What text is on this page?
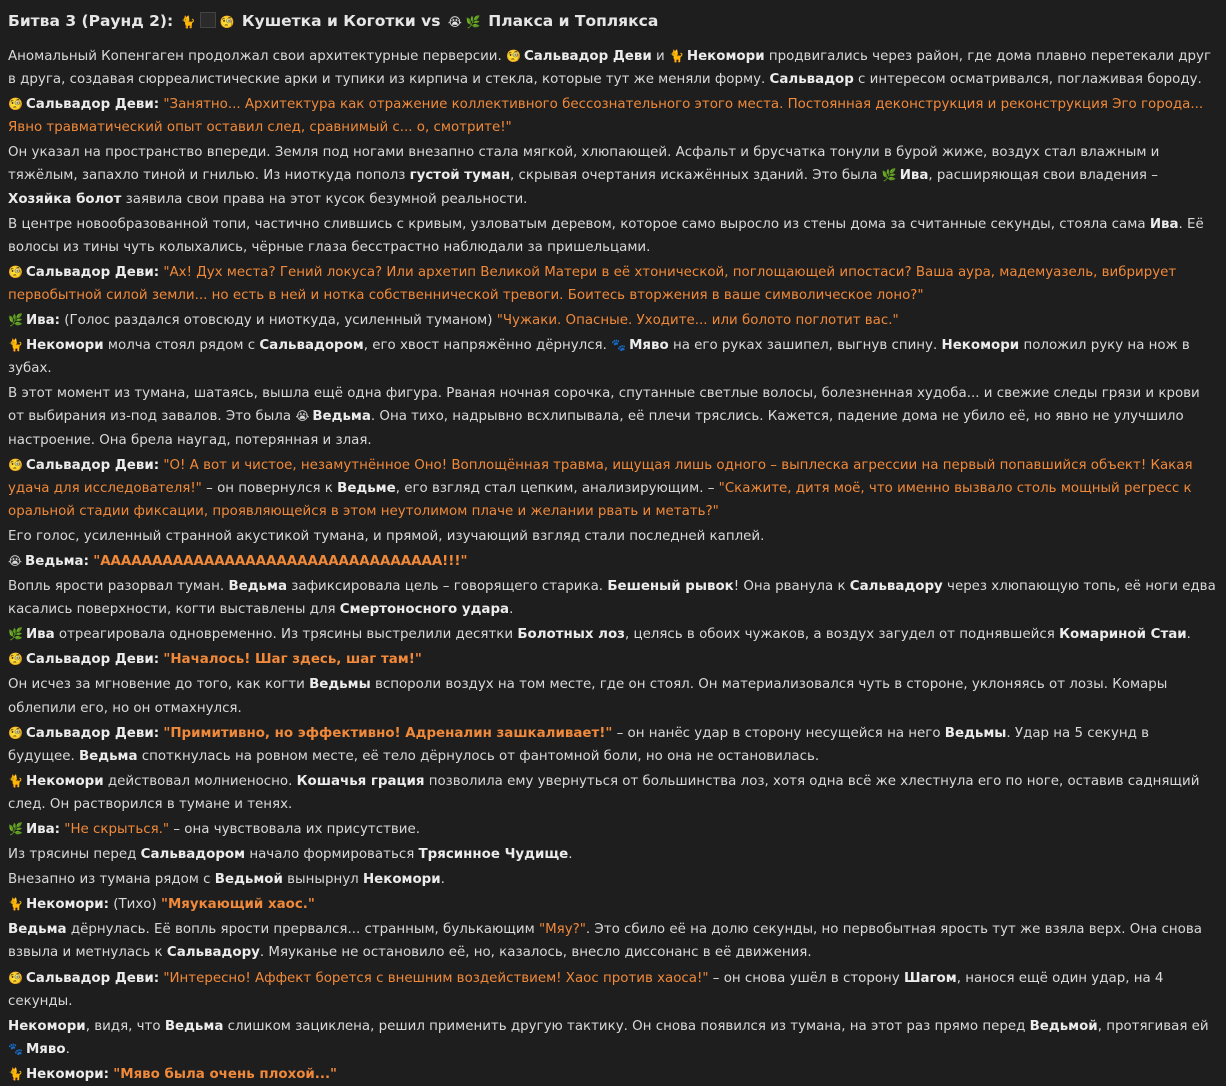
Битва 3 (Раунд 2): 🐈 🧐 Кушетка и Коготки vs 😭 🌿 Плакса и Топлякса
Аномальный Копенгаген продолжал свои архитектурные перверсии. 🧐 Сальвадор Деви и 🐈 Некомори продвигались через район, где дома плавно перетекали друг в друга, создавая сюрреалистические арки и тупики из кирпича и стекла, которые тут же меняли форму. Сальвадор с интересом осматривался, поглаживая бороду.
🧐 Сальвадор Деви: "Занятно... Архитектура как отражение коллективного бессознательного этого места. Постоянная деконструкция и реконструкция Эго города... Явно травматический опыт оставил след, сравнимый с... о, смотрите!"
Он указал на пространство впереди. Земля под ногами внезапно стала мягкой, хлюпающей. Асфальт и брусчатка тонули в бурой жиже, воздух стал влажным и тяжёлым, запахло тиной и гнилью. Из ниоткуда пополз густой туман, скрывая очертания искажённых зданий. Это была 🌿 Ива, расширяющая свои владения – Хозяйка болот заявила свои права на этот кусок безумной реальности.
В центре новообразованной топи, частично слившись с кривым, узловатым деревом, которое само выросло из стены дома за считанные секунды, стояла сама Ива. Её волосы из тины чуть колыхались, чёрные глаза бесстрастно наблюдали за пришельцами.
🧐 Сальвадор Деви: "Ах! Дух места? Гений локуса? Или архетип Великой Матери в её хтонической, поглощающей ипостаси? Ваша аура, мадемуазель, вибрирует первобытной силой земли... но есть в ней и нотка собственнической тревоги. Боитесь вторжения в ваше символическое лоно?"
🌿 Ива: (Голос раздался отовсюду и ниоткуда, усиленный туманом) "Чужаки. Опасные. Уходите... или болото поглотит вас."
🐈 Некомори молча стоял рядом с Сальвадором, его хвост напряжённо дёрнулся. 🐾 Мяво на его руках зашипел, выгнув спину. Некомори положил руку на нож в зубах.
В этот момент из тумана, шатаясь, вышла ещё одна фигура. Рваная ночная сорочка, спутанные светлые волосы, болезненная худоба... и свежие следы грязи и крови от выбирания из-под завалов. Это была 😭 Ведьма. Она тихо, надрывно всхлипывала, её плечи тряслись. Кажется, падение дома не убило её, но явно не улучшило настроение. Она брела наугад, потерянная и злая.
🧐 Сальвадор Деви: "О! А вот и чистое, незамутнённое Оно! Воплощённая травма, ищущая лишь одного – выплеска агрессии на первый попавшийся объект! Какая удача для исследователя!" – он повернулся к Ведьме, его взгляд стал цепким, анализирующим. – "Скажите, дитя моё, что именно вызвало столь мощный регресс к оральной стадии фиксации, проявляющейся в этом неутолимом плаче и желании рвать и метать?"
Его голос, усиленный странной акустикой тумана, и прямой, изучающий взгляд стали последней каплей.
😭 Ведьма: "ААААААААААААААААААААААААААААААААА!!!"
Вопль ярости разорвал туман. Ведьма зафиксировала цель – говорящего старика. Бешеный рывок! Она рванула к Сальвадору через хлюпающую топь, её ноги едва касались поверхности, когти выставлены для Смертоносного удара.
🌿 Ива отреагировала одновременно. Из трясины выстрелили десятки Болотных лоз, целясь в обоих чужаков, а воздух загудел от поднявшейся Комариной Стаи.
🧐 Сальвадор Деви: "Началось! Шаг здесь, шаг там!"
Он исчез за мгновение до того, как когти Ведьмы вспороли воздух на том месте, где он стоял. Он материализовался чуть в стороне, уклоняясь от лозы. Комары облепили его, но он отмахнулся.
🧐 Сальвадор Деви: "Примитивно, но эффективно! Адреналин зашкаливает!" – он нанёс удар в сторону несущейся на него Ведьмы. Удар на 5 секунд в будущее. Ведьма споткнулась на ровном месте, её тело дёрнулось от фантомной боли, но она не остановилась.
🐈 Некомори действовал молниеносно. Кошачья грация позволила ему увернуться от большинства лоз, хотя одна всё же хлестнула его по ноге, оставив саднящий след. Он растворился в тумане и тенях.
🌿 Ива: "Не скрыться." – она чувствовала их присутствие.
Из трясины перед Сальвадором начало формироваться Трясинное Чудище.
Внезапно из тумана рядом с Ведьмой вынырнул Некомори.
🐈 Некомори: (Тихо) "Мяукающий хаос."
Ведьма дёрнулась. Её вопль ярости прервался... странным, булькающим "Мяу?". Это сбило её на долю секунды, но первобытная ярость тут же взяла верх. Она снова взвыла и метнулась к Сальвадору. Мяуканье не остановило её, но, казалось, внесло диссонанс в её движения.
🧐 Сальвадор Деви: "Интересно! Аффект борется с внешним воздействием! Хаос против хаоса!" – он снова ушёл в сторону Шагом, нанося ещё один удар, на 4 секунды.
Некомори, видя, что Ведьма слишком зациклена, решил применить другую тактику. Он снова появился из тумана, на этот раз прямо перед Ведьмой, протягивая ей 🐾 Мяво.
🐈 Некомори: "Мяво была очень плохой..."
